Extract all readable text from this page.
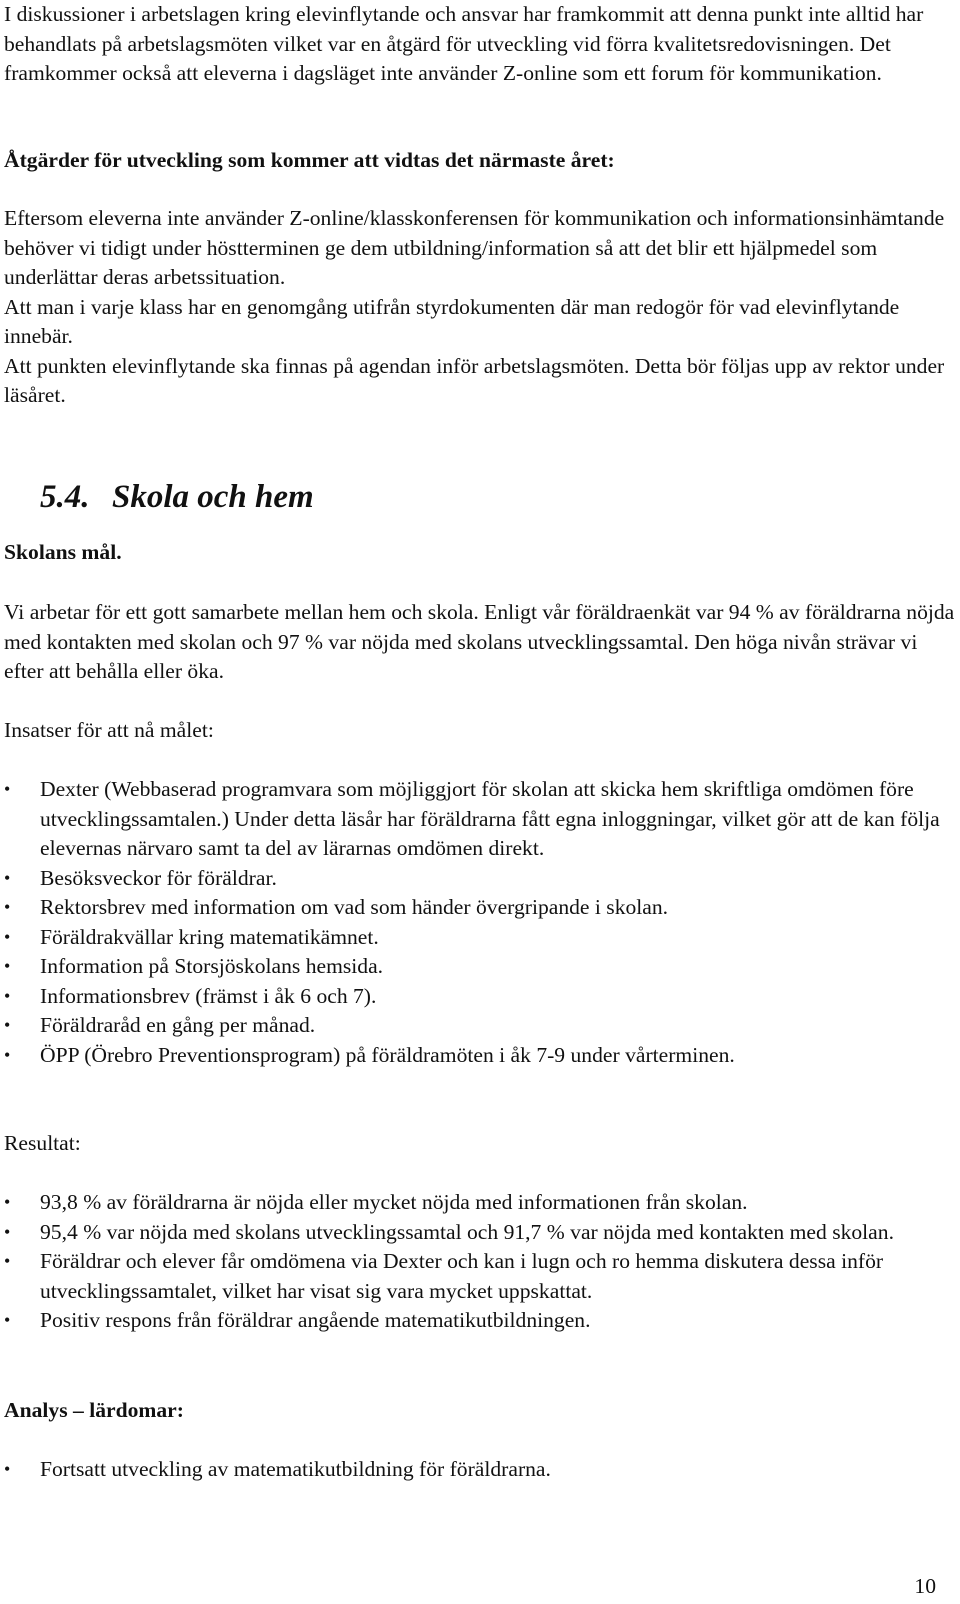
I diskussioner i arbetslagen kring elevinflytande och ansvar har framkommit att denna punkt inte alltid har behandlats på arbetslagsmöten vilket var en åtgärd för utveckling vid förra kvalitetsredovisningen. Det framkommer också att eleverna i dagsläget inte använder Z-online som ett forum för kommunikation.

Åtgärder för utveckling som kommer att vidtas det närmaste året:

Eftersom eleverna inte använder Z-online/klasskonferensen för kommunikation och informationsinhämtande behöver vi tidigt under höstterminen ge dem utbildning/information så att det blir ett hjälpmedel som underlättar deras arbetssituation.
Att man i varje klass har en genomgång utifrån styrdokumenten där man redogör för vad elevinflytande innebär.
Att punkten elevinflytande ska finnas på agendan inför arbetslagsmöten. Detta bör följas upp av rektor under läsåret.

5.4. Skola och hem

Skolans mål.

Vi arbetar för ett gott samarbete mellan hem och skola. Enligt vår föräldraenkät var 94 % av föräldrarna nöjda med kontakten med skolan och 97 % var nöjda med skolans utvecklingssamtal. Den höga nivån strävar vi efter att behålla eller öka.

Insatser för att nå målet:

• Dexter (Webbaserad programvara som möjliggjort för skolan att skicka hem skriftliga omdömen före utvecklingssamtalen.) Under detta läsår har föräldrarna fått egna inloggningar, vilket gör att de kan följa elevernas närvaro samt ta del av lärarnas omdömen direkt.
• Besöksveckor för föräldrar.
• Rektorsbrev med information om vad som händer övergripande i skolan.
• Föräldrakvällar kring matematikämnet.
• Information på Storsjöskolans hemsida.
• Informationsbrev (främst i åk 6 och 7).
• Föräldraråd en gång per månad.
• ÖPP (Örebro Preventionsprogram) på föräldramöten i åk 7-9 under vårterminen.

Resultat:

• 93,8 % av föräldrarna är nöjda eller mycket nöjda med informationen från skolan.
• 95,4 % var nöjda med skolans utvecklingssamtal och 91,7 % var nöjda med kontakten med skolan.
• Föräldrar och elever får omdömena via Dexter och kan i lugn och ro hemma diskutera dessa inför utvecklingssamtalet, vilket har visat sig vara mycket uppskattat.
• Positiv respons från föräldrar angående matematikutbildningen.

Analys – lärdomar:

• Fortsatt utveckling av matematikutbildning för föräldrarna.

10
